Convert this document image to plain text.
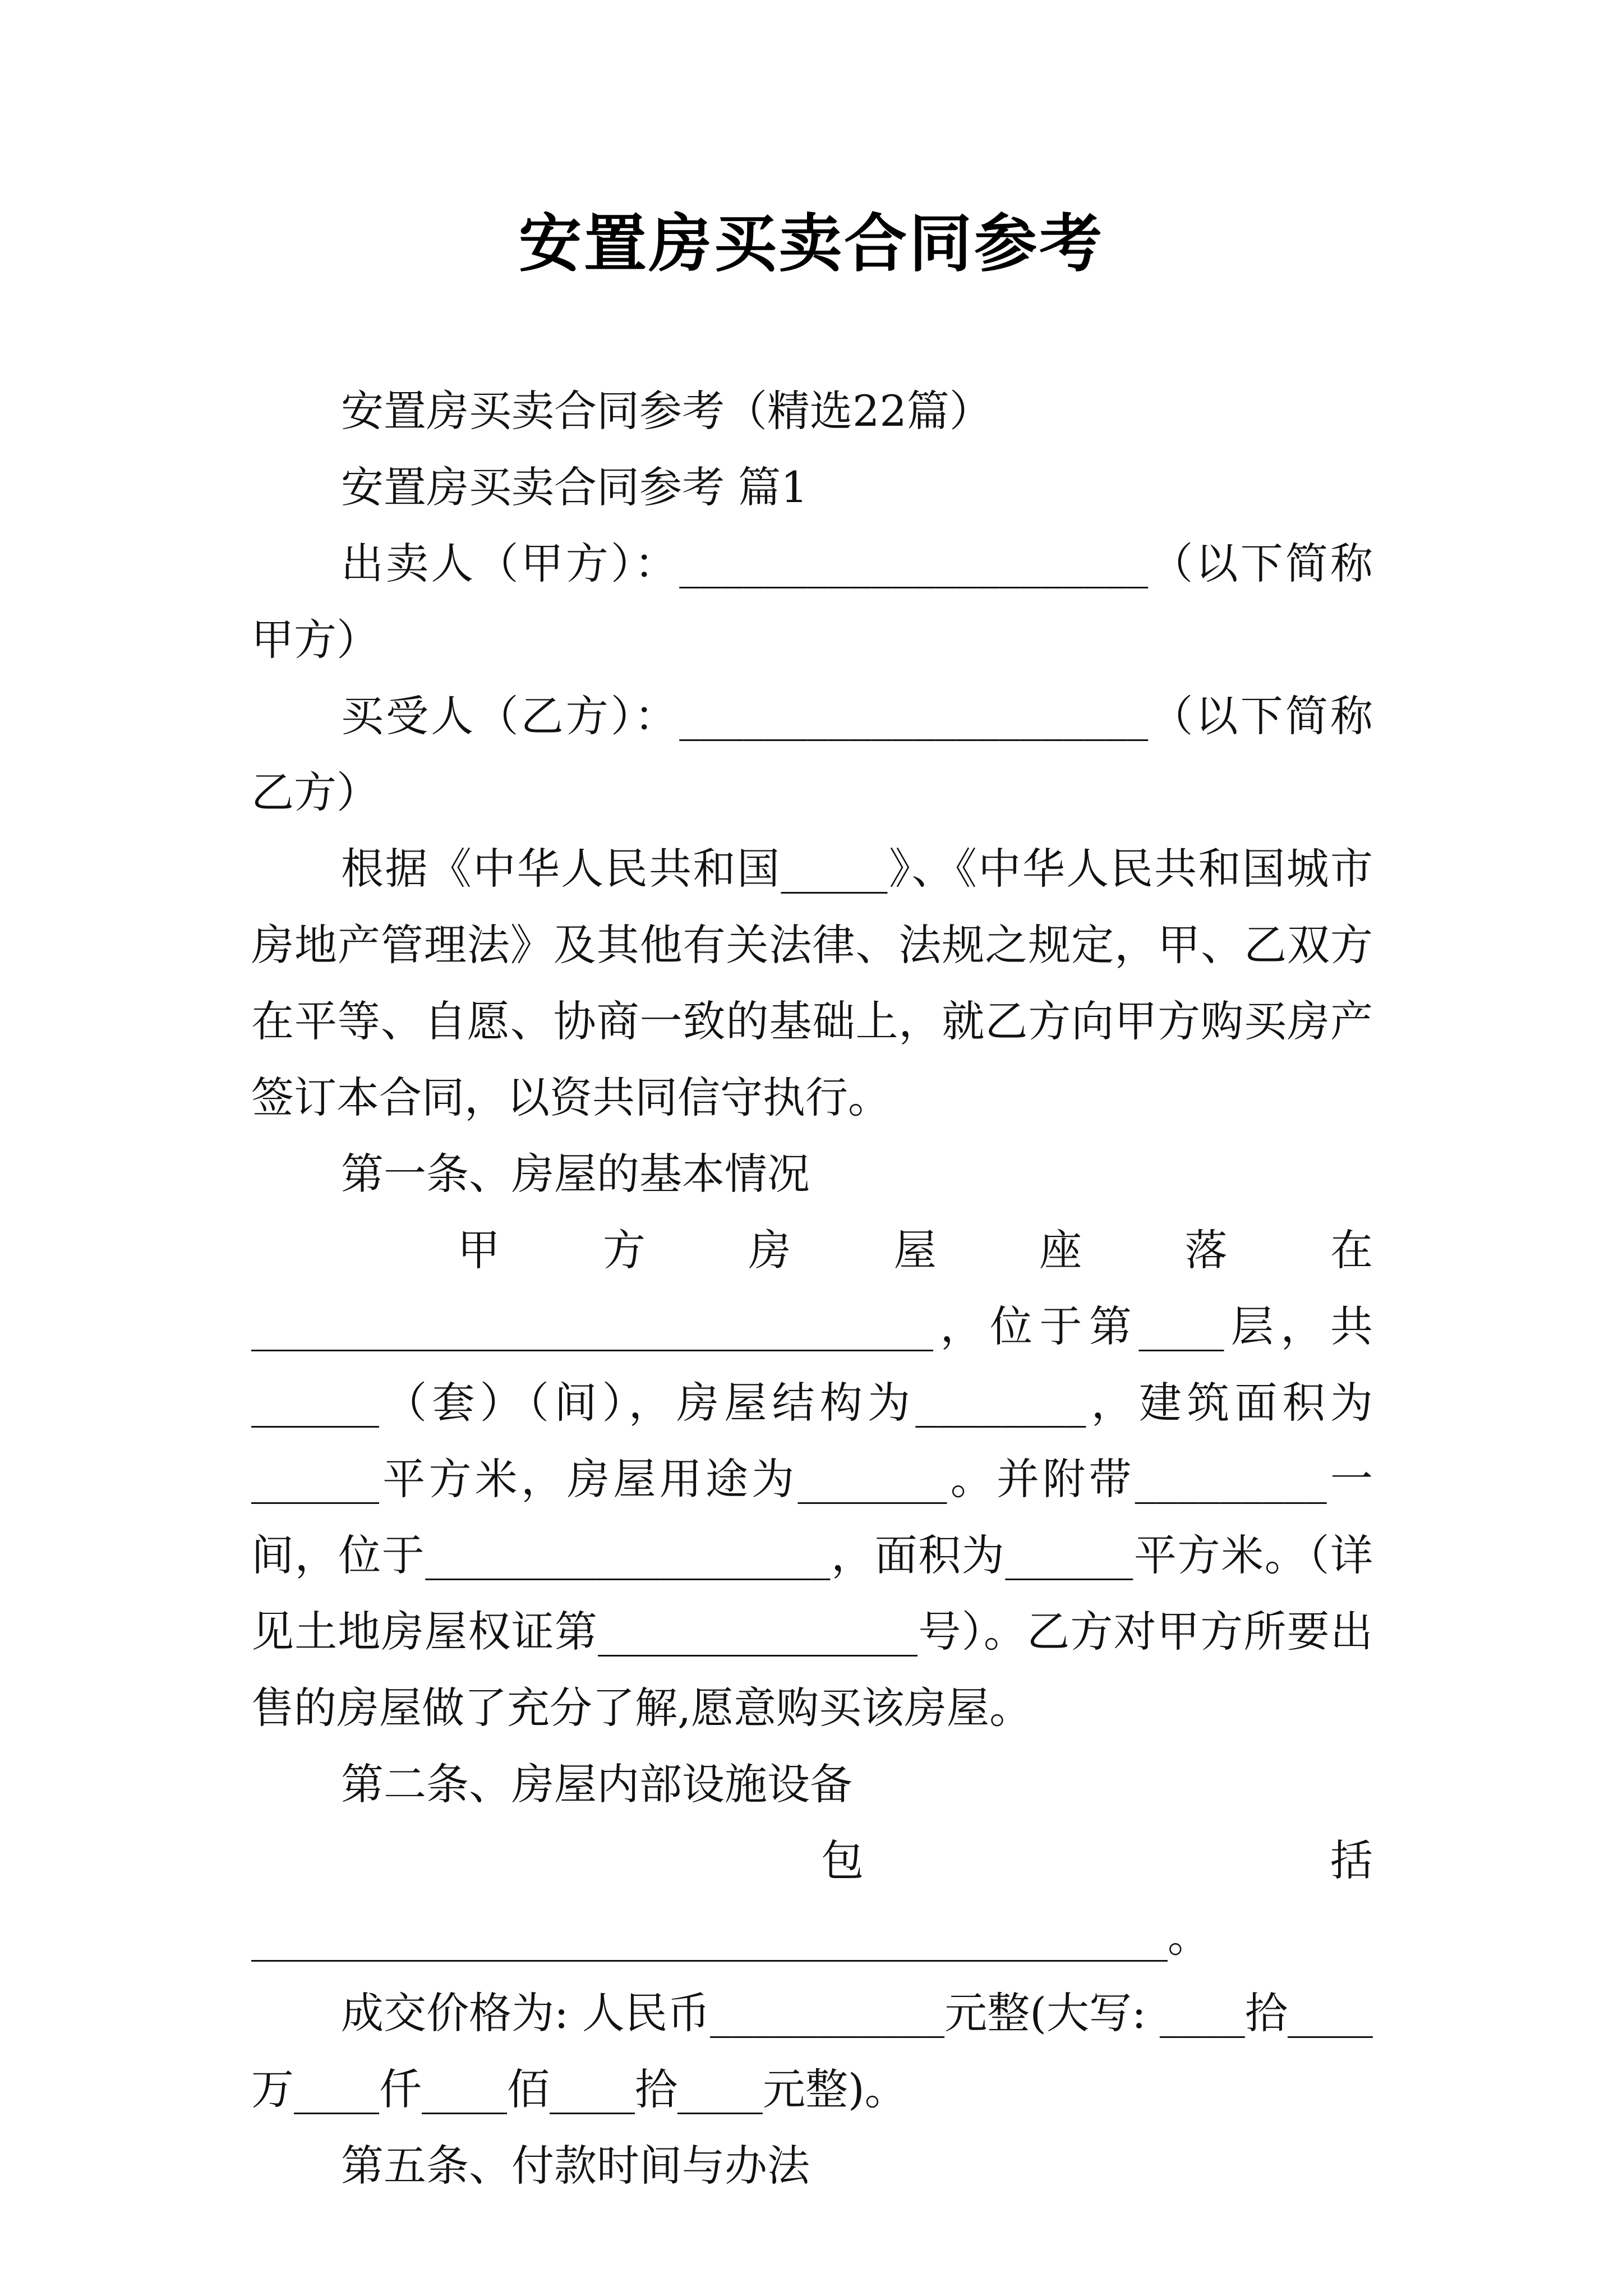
安置房买卖合同参考

安置房买卖合同参考（精选22篇）

安置房买卖合同参考 篇1

出卖人（甲方）：______________________（以下简称甲方）

买受人（乙方）：______________________（以下简称乙方）

根据《中华人民共和国_____》、《中华人民共和国城市房地产管理法》及其他有关法律、法规之规定，甲、乙双方在平等、自愿、协商一致的基础上，就乙方向甲方购买房产签订本合同，以资共同信守执行。

第一条、房屋的基本情况

甲方房屋座落在________________________________，位于第____层，共______（套）（间），房屋结构为________，建筑面积为______平方米，房屋用途为_______。并附带_________一间，位于___________________，面积为______平方米。（详见土地房屋权证第_______________号）。乙方对甲方所要出售的房屋做了充分了解,愿意购买该房屋。

第二条、房屋内部设施设备

包括___________________________________________。

成交价格为: 人民币___________元整(大写: ____拾____万____仟____佰____拾____元整)。

第五条、付款时间与办法
